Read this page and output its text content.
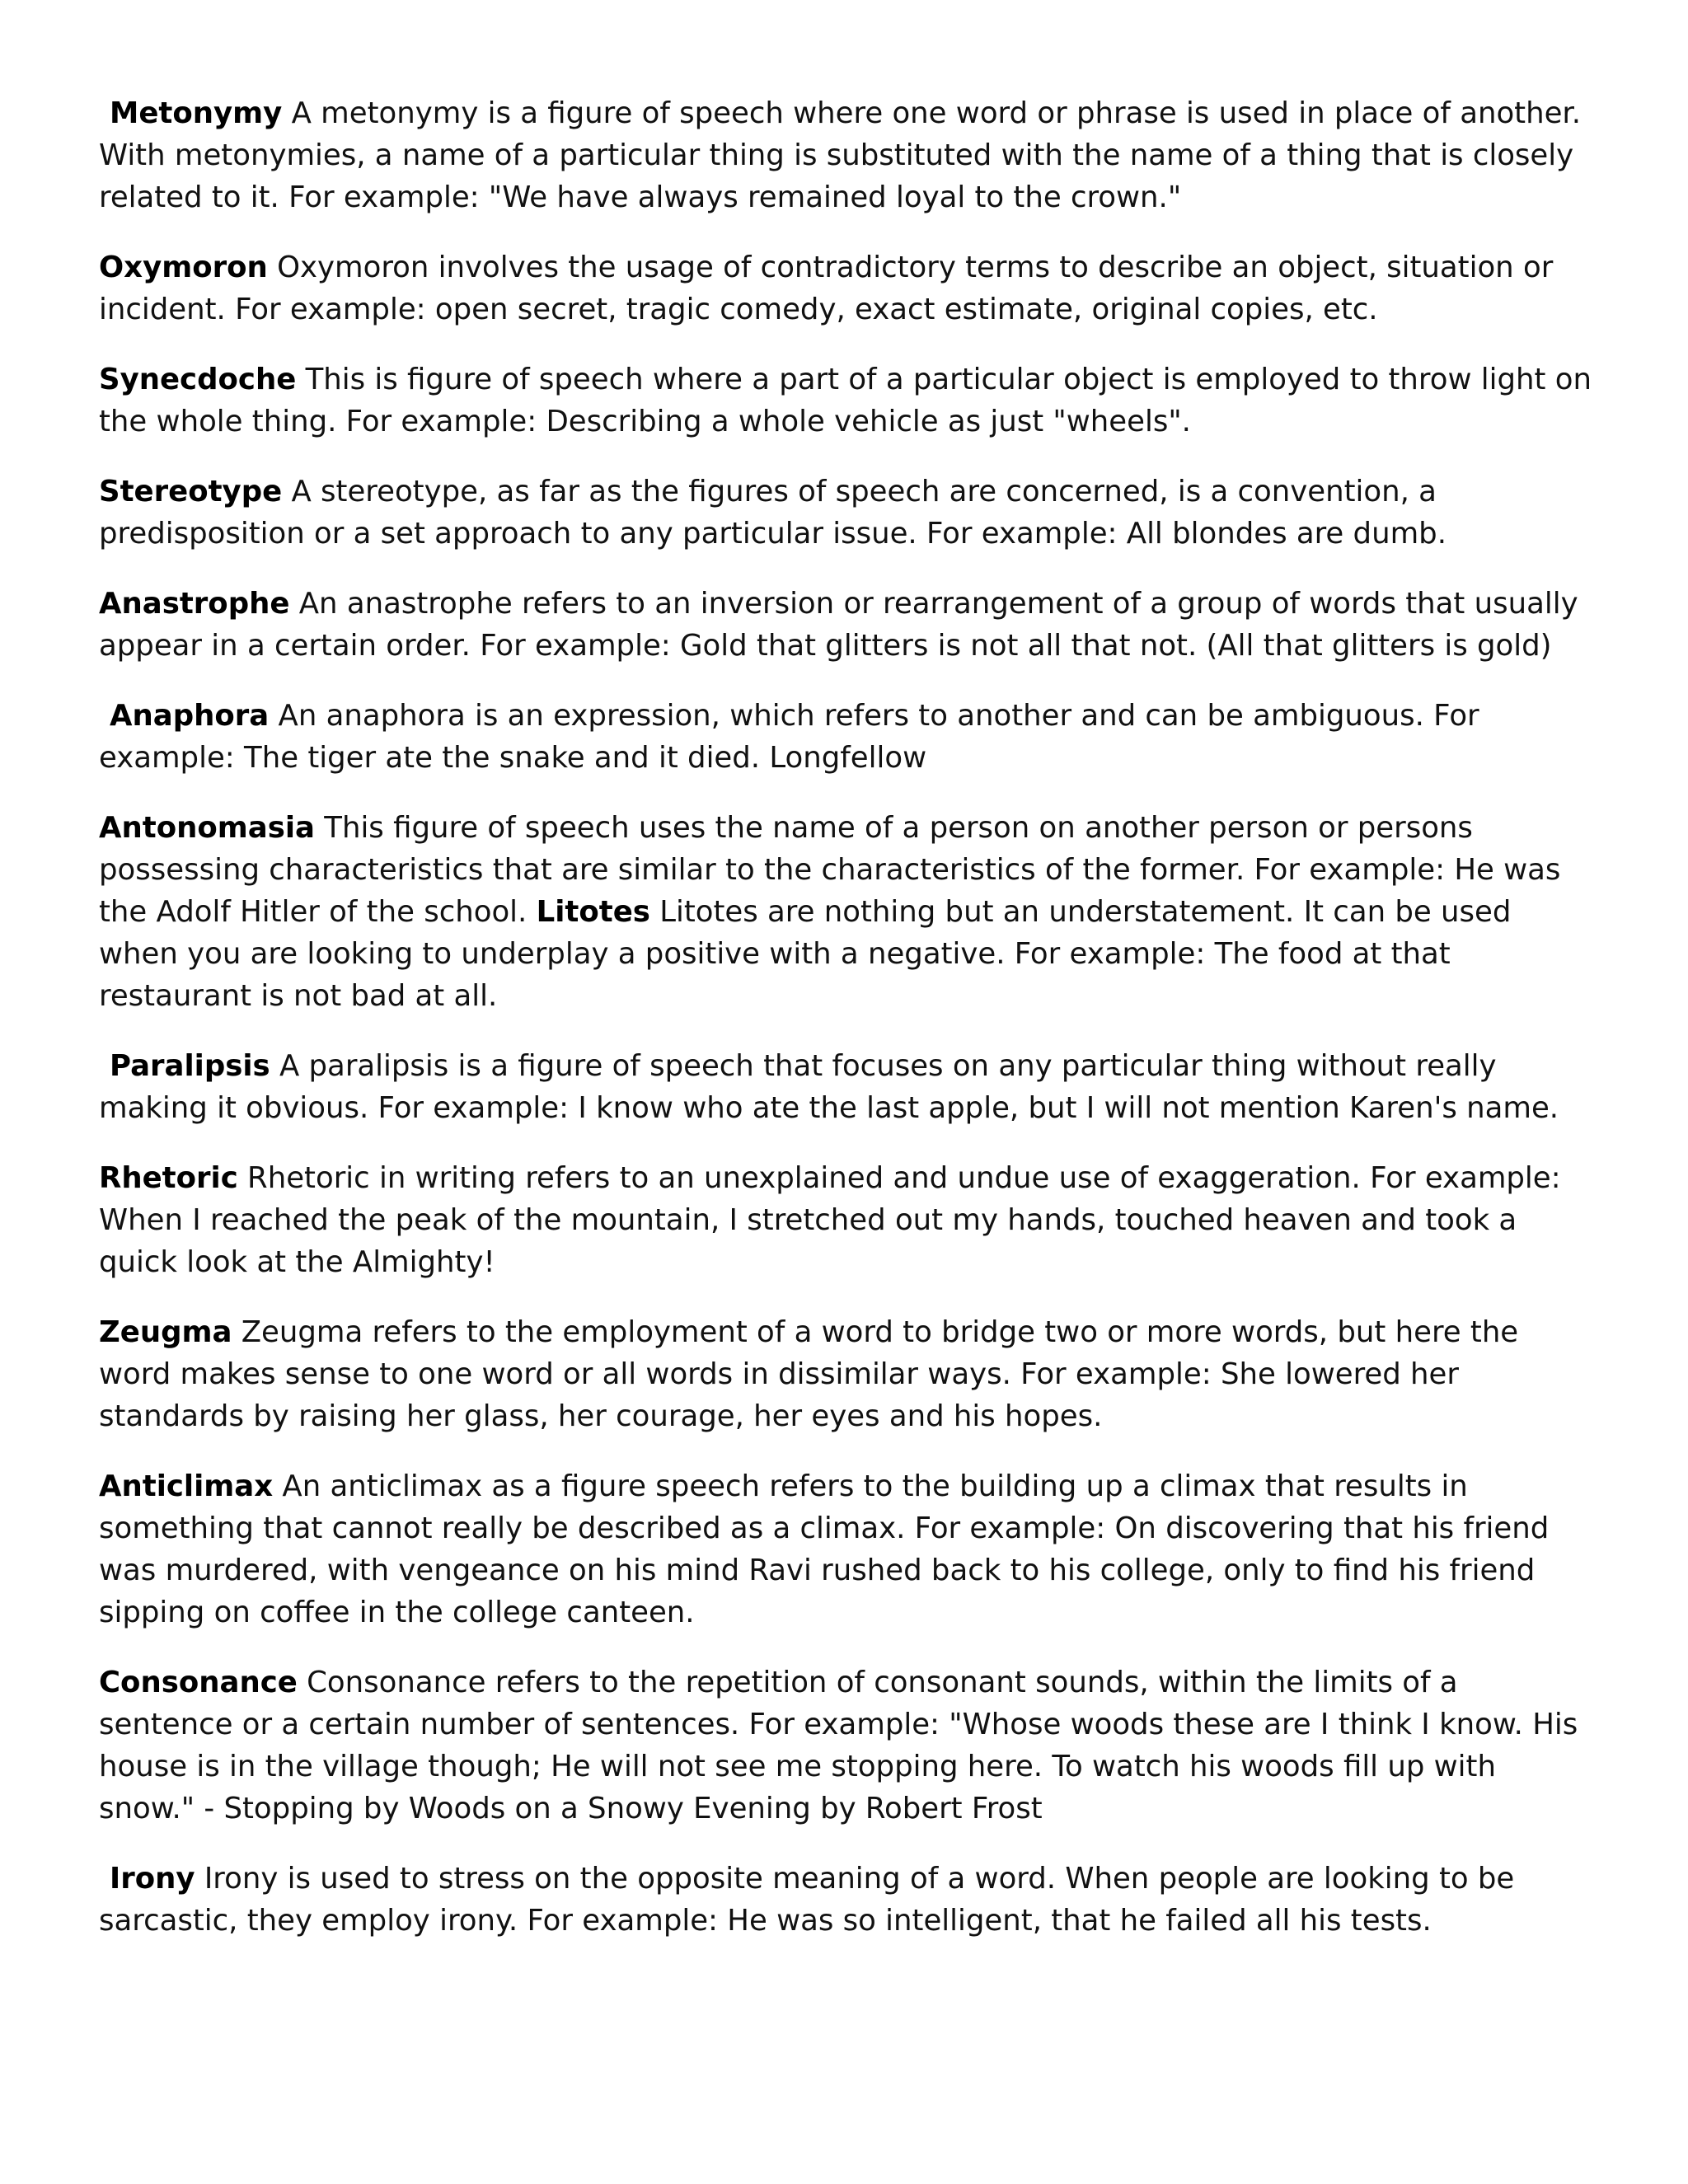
Metonymy A metonymy is a figure of speech where one word or phrase is used in place of another. With metonymies, a name of a particular thing is substituted with the name of a thing that is closely related to it. For example: "We have always remained loyal to the crown."

Oxymoron Oxymoron involves the usage of contradictory terms to describe an object, situation or incident. For example: open secret, tragic comedy, exact estimate, original copies, etc.

Synecdoche This is figure of speech where a part of a particular object is employed to throw light on the whole thing. For example: Describing a whole vehicle as just "wheels".

Stereotype A stereotype, as far as the figures of speech are concerned, is a convention, a predisposition or a set approach to any particular issue. For example: All blondes are dumb.

Anastrophe An anastrophe refers to an inversion or rearrangement of a group of words that usually appear in a certain order. For example: Gold that glitters is not all that not. (All that glitters is gold)

Anaphora An anaphora is an expression, which refers to another and can be ambiguous. For example: The tiger ate the snake and it died. Longfellow

Antonomasia This figure of speech uses the name of a person on another person or persons possessing characteristics that are similar to the characteristics of the former. For example: He was the Adolf Hitler of the school. Litotes Litotes are nothing but an understatement. It can be used when you are looking to underplay a positive with a negative. For example: The food at that restaurant is not bad at all.

Paralipsis A paralipsis is a figure of speech that focuses on any particular thing without really making it obvious. For example: I know who ate the last apple, but I will not mention Karen's name.

Rhetoric Rhetoric in writing refers to an unexplained and undue use of exaggeration. For example: When I reached the peak of the mountain, I stretched out my hands, touched heaven and took a quick look at the Almighty!

Zeugma Zeugma refers to the employment of a word to bridge two or more words, but here the word makes sense to one word or all words in dissimilar ways. For example: She lowered her standards by raising her glass, her courage, her eyes and his hopes.

Anticlimax An anticlimax as a figure speech refers to the building up a climax that results in something that cannot really be described as a climax. For example: On discovering that his friend was murdered, with vengeance on his mind Ravi rushed back to his college, only to find his friend sipping on coffee in the college canteen.

Consonance Consonance refers to the repetition of consonant sounds, within the limits of a sentence or a certain number of sentences. For example: "Whose woods these are I think I know. His house is in the village though; He will not see me stopping here. To watch his woods fill up with snow." - Stopping by Woods on a Snowy Evening by Robert Frost

Irony Irony is used to stress on the opposite meaning of a word. When people are looking to be sarcastic, they employ irony. For example: He was so intelligent, that he failed all his tests.
